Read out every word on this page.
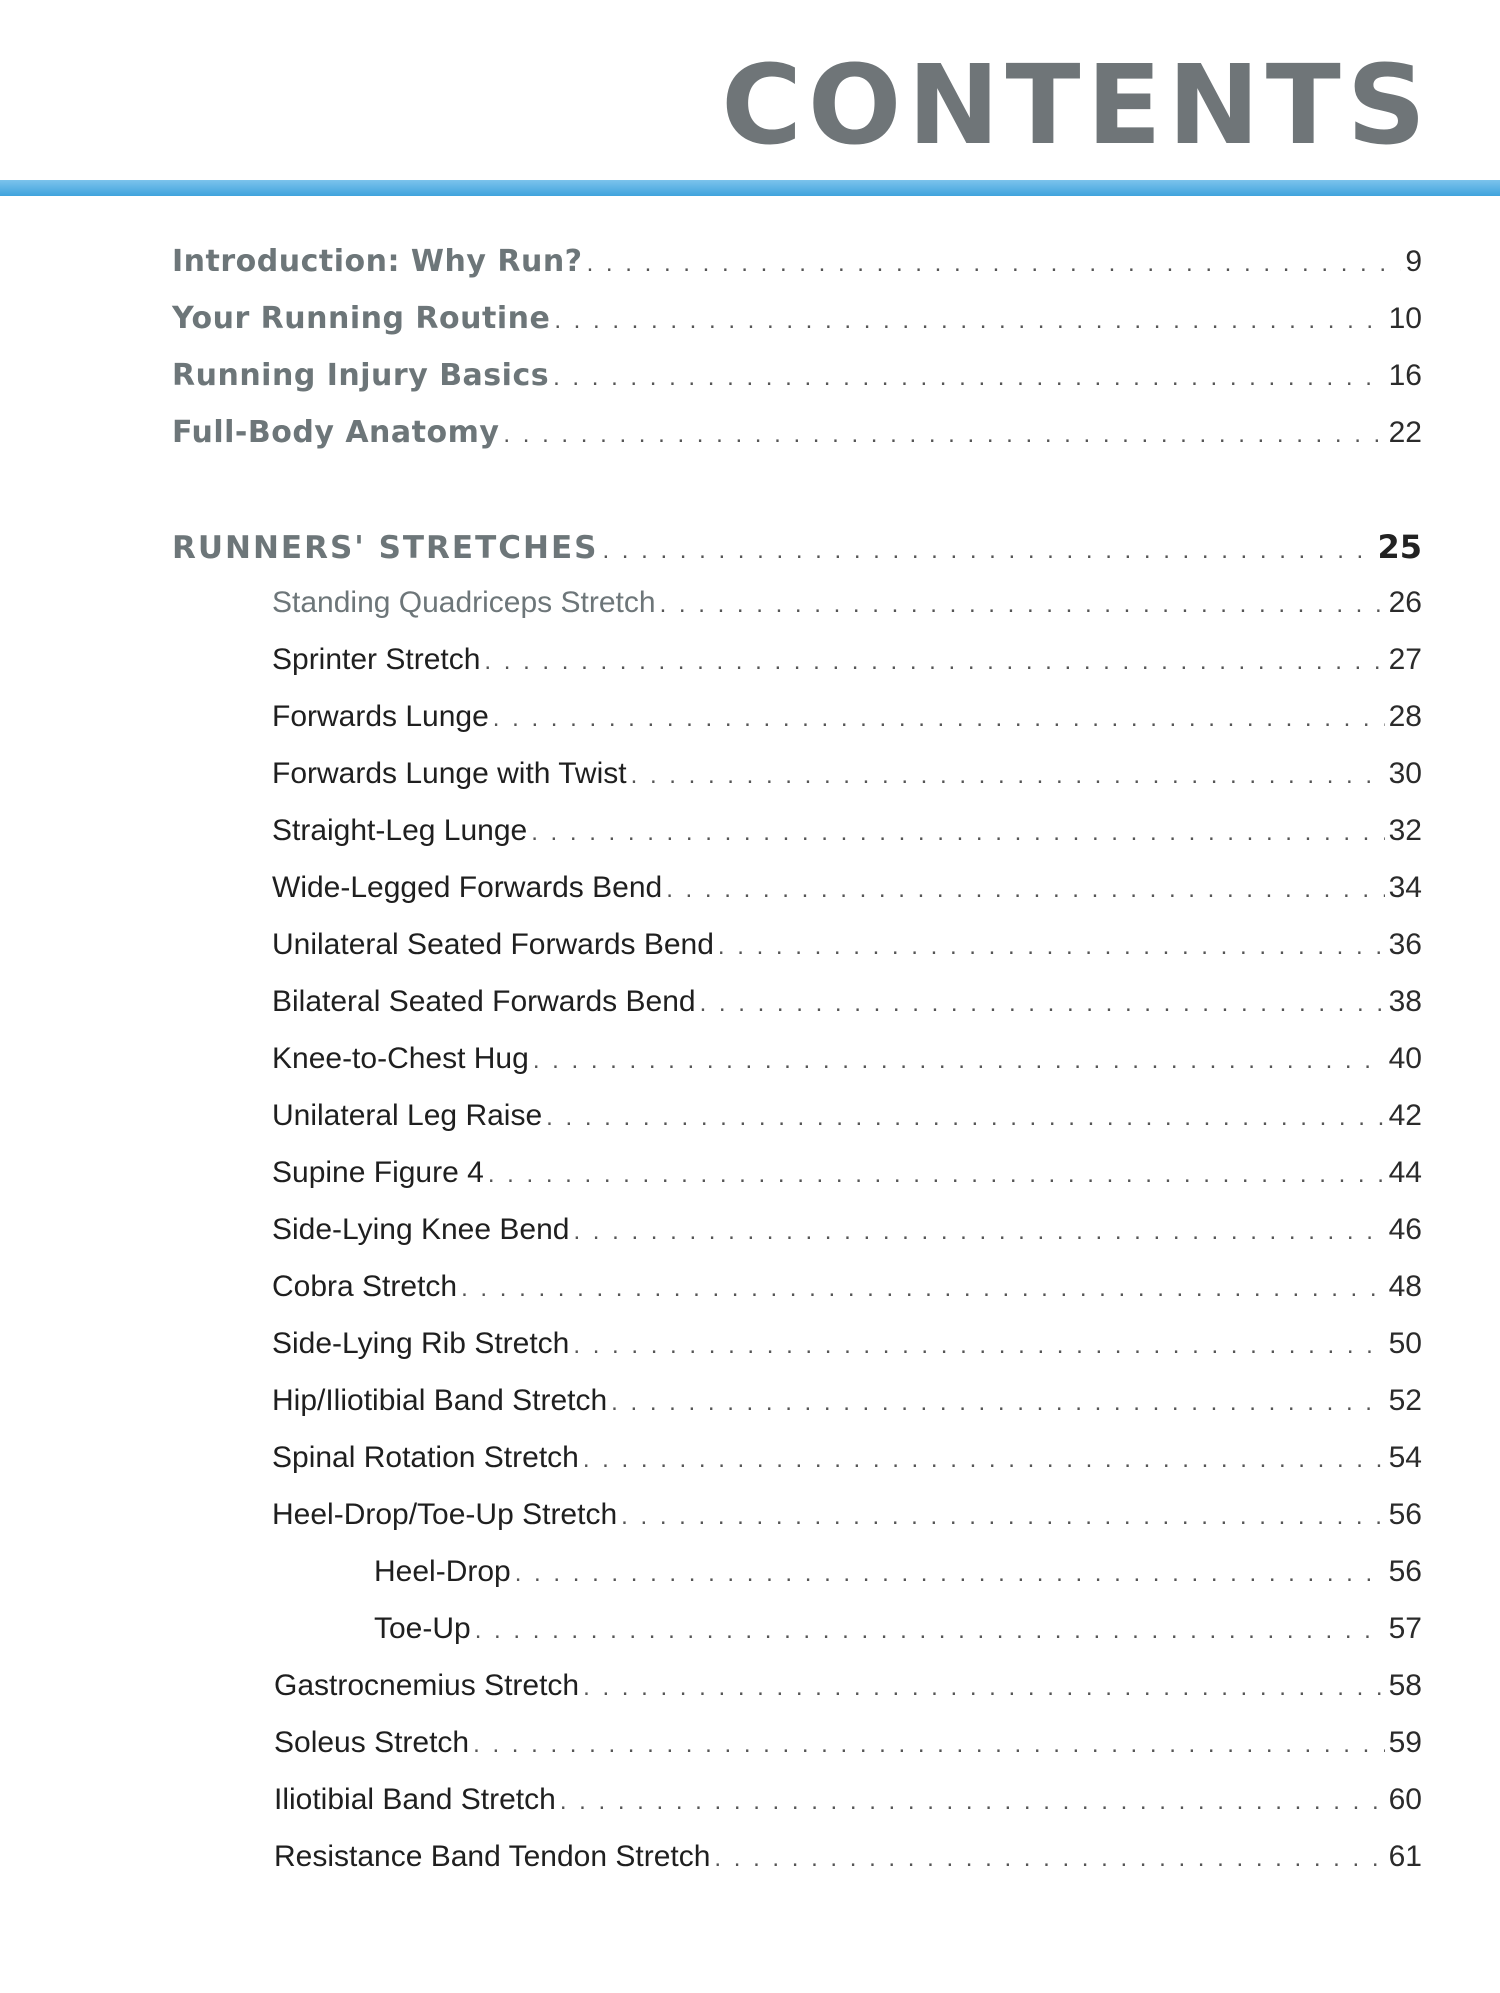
CONTENTS
Introduction: Why Run? . . .	9
Your Running Routine . . .	10
Running Injury Basics . . .	16
Full-Body Anatomy . . .	22
RUNNERS' STRETCHES . . .	25
Standing Quadriceps Stretch . . .	26
Sprinter Stretch . . .	27
Forwards Lunge . . .	28
Forwards Lunge with Twist . . .	30
Straight-Leg Lunge . . .	32
Wide-Legged Forwards Bend . . .	34
Unilateral Seated Forwards Bend . . .	36
Bilateral Seated Forwards Bend . . .	38
Knee-to-Chest Hug . . .	40
Unilateral Leg Raise . . .	42
Supine Figure 4 . . .	44
Side-Lying Knee Bend . . .	46
Cobra Stretch . . .	48
Side-Lying Rib Stretch . . .	50
Hip/Iliotibial Band Stretch . . .	52
Spinal Rotation Stretch . . .	54
Heel-Drop/Toe-Up Stretch . . .	56
Heel-Drop . . .	56
Toe-Up . . .	57
Gastrocnemius Stretch . . .	58
Soleus Stretch . . .	59
Iliotibial Band Stretch . . .	60
Resistance Band Tendon Stretch . . .	61
